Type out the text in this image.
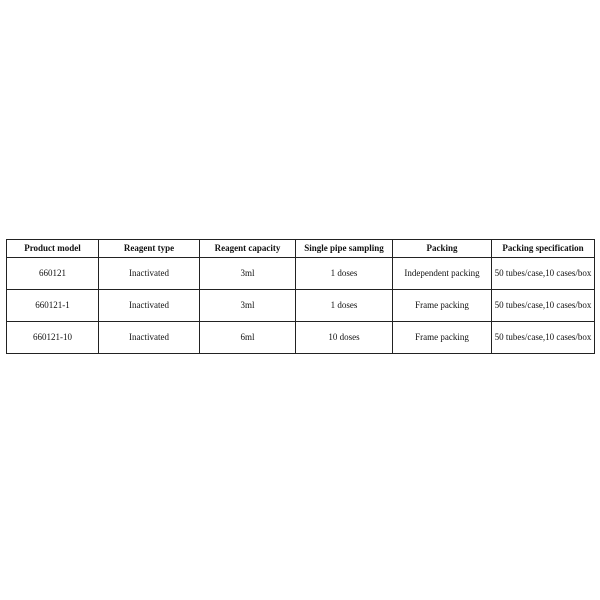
Product model	Reagent type	Reagent capacity	Single pipe sampling	Packing	Packing specification
660121	Inactivated	3ml	1 doses	Independent packing	50 tubes/case,10 cases/box
660121-1	Inactivated	3ml	1 doses	Frame packing	50 tubes/case,10 cases/box
660121-10	Inactivated	6ml	10 doses	Frame packing	50 tubes/case,10 cases/box
